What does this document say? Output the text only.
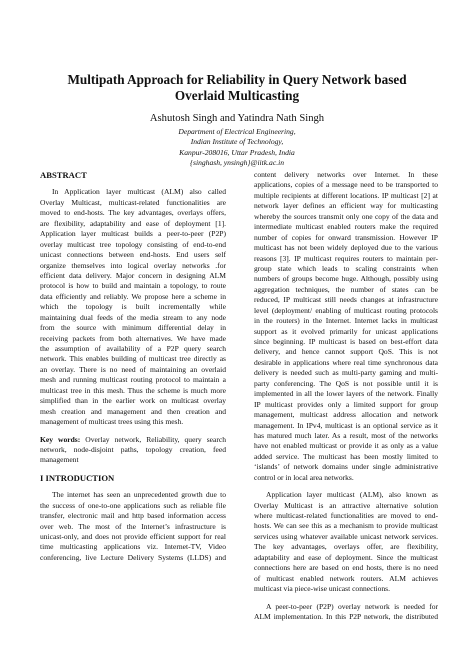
Multipath Approach for Reliability in Query Network based
Overlaid Multicasting
Ashutosh Singh and Yatindra Nath Singh
Department of Electrical Engineering,
Indian Institute of Technology,
Kanpur-208016, Uttar Pradesh, India
{singhash, ynsingh}@iitk.ac.in
ABSTRACT
In Application layer multicast (ALM) also called
Overlay Multicast, multicast-related functionalities are
moved to end-hosts. The key advantages, overlays offers,
are flexibility, adaptability and ease of deployment [1].
Application layer multicast builds a peer-to-peer (P2P)
overlay multicast tree topology consisting of end-to-end
unicast connections between end-hosts. End users self
organize themselves into logical overlay networks .for
efficient data delivery. Major concern in designing ALM
protocol is how to build and maintain a topology, to route
data efficiently and reliably. We propose here a scheme in
which the topology is built incrementally while
maintaining dual feeds of the media stream to any node
from the source with minimum differential delay in
receiving packets from both alternatives. We have made
the assumption of availability of a P2P query search
network. This enables building of multicast tree directly as
an overlay. There is no need of maintaining an overlaid
mesh and running multicast routing protocol to maintain a
multicast tree in this mesh. Thus the scheme is much more
simplified than in the earlier work on multicast overlay
mesh creation and management and then creation and
management of multicast trees using this mesh.
Key words: Overlay network, Reliability, query search
network, node-disjoint paths, topology creation, feed
management
I INTRODUCTION
The internet has seen an unprecedented growth due to
the success of one-to-one applications such as reliable file
transfer, electronic mail and http based information access
over web. The most of the Internet’s infrastructure is
unicast-only, and does not provide efficient support for real
time multicasting applications viz. Internet-TV, Video
conferencing, live Lecture Delivery Systems (LLDS) and
content delivery networks over Internet. In these
applications, copies of a message need to be transported to
multiple recipients at different locations. IP multicast [2] at
network layer defines an efficient way for multicasting
whereby the sources transmit only one copy of the data and
intermediate multicast enabled routers make the required
number of copies for onward transmission. However IP
multicast has not been widely deployed due to the various
reasons [3]. IP multicast requires routers to maintain per-
group state which leads to scaling constraints when
numbers of groups become huge. Although, possibly using
aggregation techniques, the number of states can be
reduced, IP multicast still needs changes at infrastructure
level (deployment/ enabling of multicast routing protocols
in the routers) in the Internet. Internet lacks in multicast
support as it evolved primarily for unicast applications
since beginning. IP multicast is based on best-effort data
delivery, and hence cannot support QoS. This is not
desirable in applications where real time synchronous data
delivery is needed such as multi-party gaming and multi-
party conferencing. The QoS is not possible until it is
implemented in all the lower layers of the network. Finally
IP multicast provides only a limited support for group
management, multicast address allocation and network
management. In IPv4, multicast is an optional service as it
has matured much later. As a result, most of the networks
have not enabled multicast or provide it as only as a value
added service. The multicast has been mostly limited to
‘islands’ of network domains under single administrative
control or in local area networks.
Application layer multicast (ALM), also known as
Overlay Multicast is an attractive alternative solution
where multicast-related functionalities are moved to end-
hosts. We can see this as a mechanism to provide multicast
services using whatever available unicast network services.
The key advantages, overlays offer, are flexibility,
adaptability and ease of deployment. Since the multicast
connections here are based on end hosts, there is no need
of multicast enabled network routers. ALM achieves
multicast via piece-wise unicast connections.
A peer-to-peer (P2P) overlay network is needed for
ALM implementation. In this P2P network, the distributed
